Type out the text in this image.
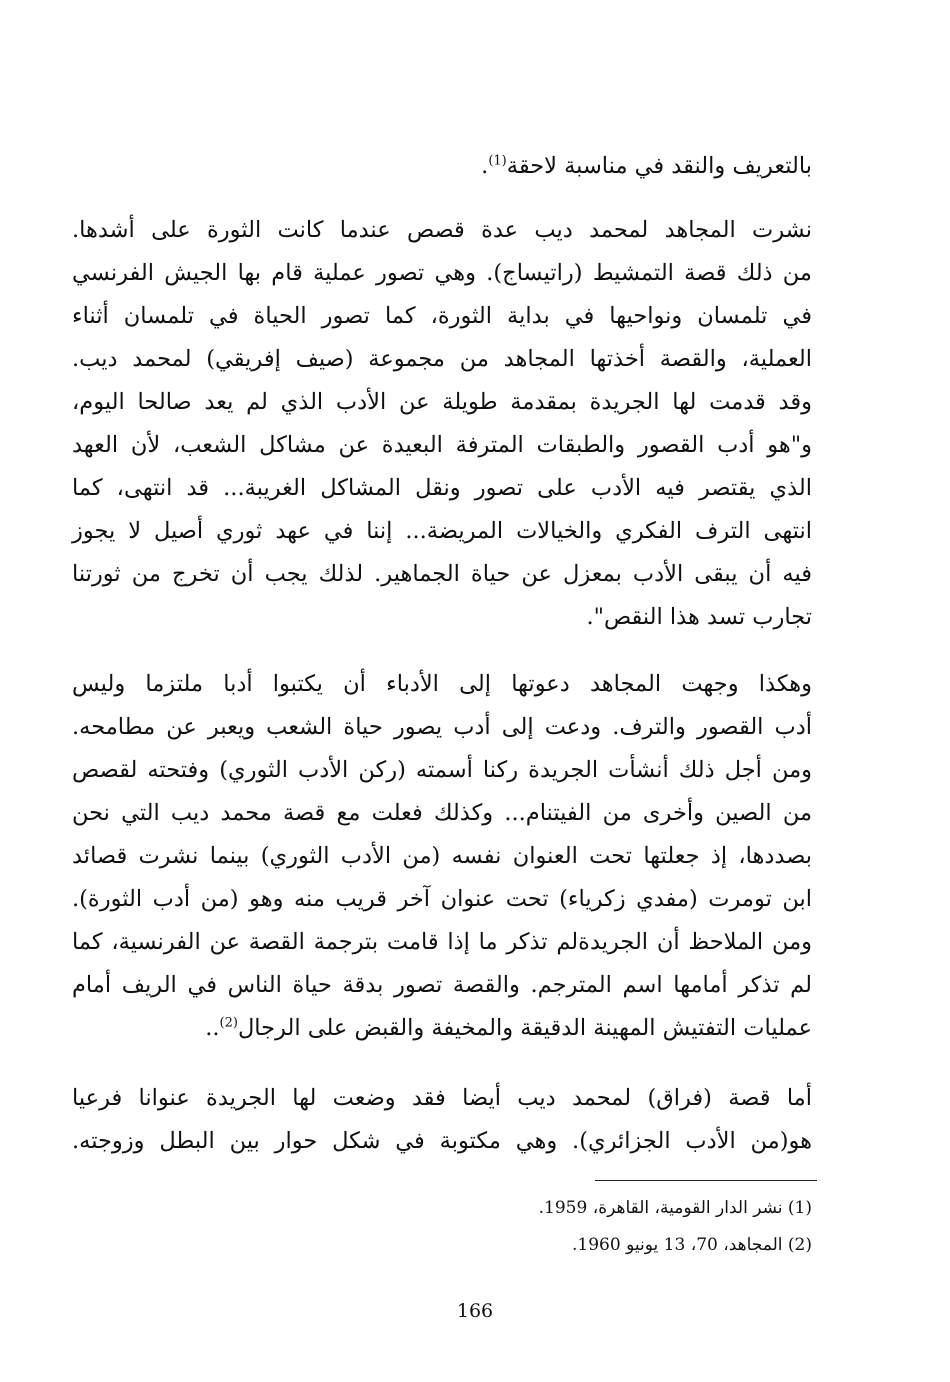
بالتعريف والنقد في مناسبة لاحقة$^{(1)}$.
نشرت المجاهد لمحمد ديب عدة قصص عندما كانت الثورة على أشدها.
من ذلك قصة التمشيط (راتيساج). وهي تصور عملية قام بها الجيش الفرنسي
في تلمسان ونواحيها في بداية الثورة، كما تصور الحياة في تلمسان أثناء
العملية، والقصة أخذتها المجاهد من مجموعة (صيف إفريقي) لمحمد ديب.
وقد قدمت لها الجريدة بمقدمة طويلة عن الأدب الذي لم يعد صالحا اليوم،
و"هو أدب القصور والطبقات المترفة البعيدة عن مشاكل الشعب، لأن العهد
الذي يقتصر فيه الأدب على تصور ونقل المشاكل الغريبة... قد انتهى، كما
انتهى الترف الفكري والخيالات المريضة... إننا في عهد ثوري أصيل لا يجوز
فيه أن يبقى الأدب بمعزل عن حياة الجماهير. لذلك يجب أن تخرج من ثورتنا
تجارب تسد هذا النقص".
وهكذا وجهت المجاهد دعوتها إلى الأدباء أن يكتبوا أدبا ملتزما وليس
أدب القصور والترف. ودعت إلى أدب يصور حياة الشعب ويعبر عن مطامحه.
ومن أجل ذلك أنشأت الجريدة ركنا أسمته (ركن الأدب الثوري) وفتحته لقصص
من الصين وأخرى من الفيتنام... وكذلك فعلت مع قصة محمد ديب التي نحن
بصددها، إذ جعلتها تحت العنوان نفسه (من الأدب الثوري) بينما نشرت قصائد
ابن تومرت (مفدي زكرياء) تحت عنوان آخر قريب منه وهو (من أدب الثورة).
ومن الملاحظ أن الجريدةلم تذكر ما إذا قامت بترجمة القصة عن الفرنسية، كما
لم تذكر أمامها اسم المترجم. والقصة تصور بدقة حياة الناس في الريف أمام
عمليات التفتيش المهينة الدقيقة والمخيفة والقبض على الرجال$^{(2)}$..
أما قصة (فراق) لمحمد ديب أيضا فقد وضعت لها الجريدة عنوانا فرعيا
هو(من الأدب الجزائري). وهي مكتوبة في شكل حوار بين البطل وزوجته.
(1) نشر الدار القومية، القاهرة، 1959.
(2) المجاهد، 70، 13 يونيو 1960.
166
